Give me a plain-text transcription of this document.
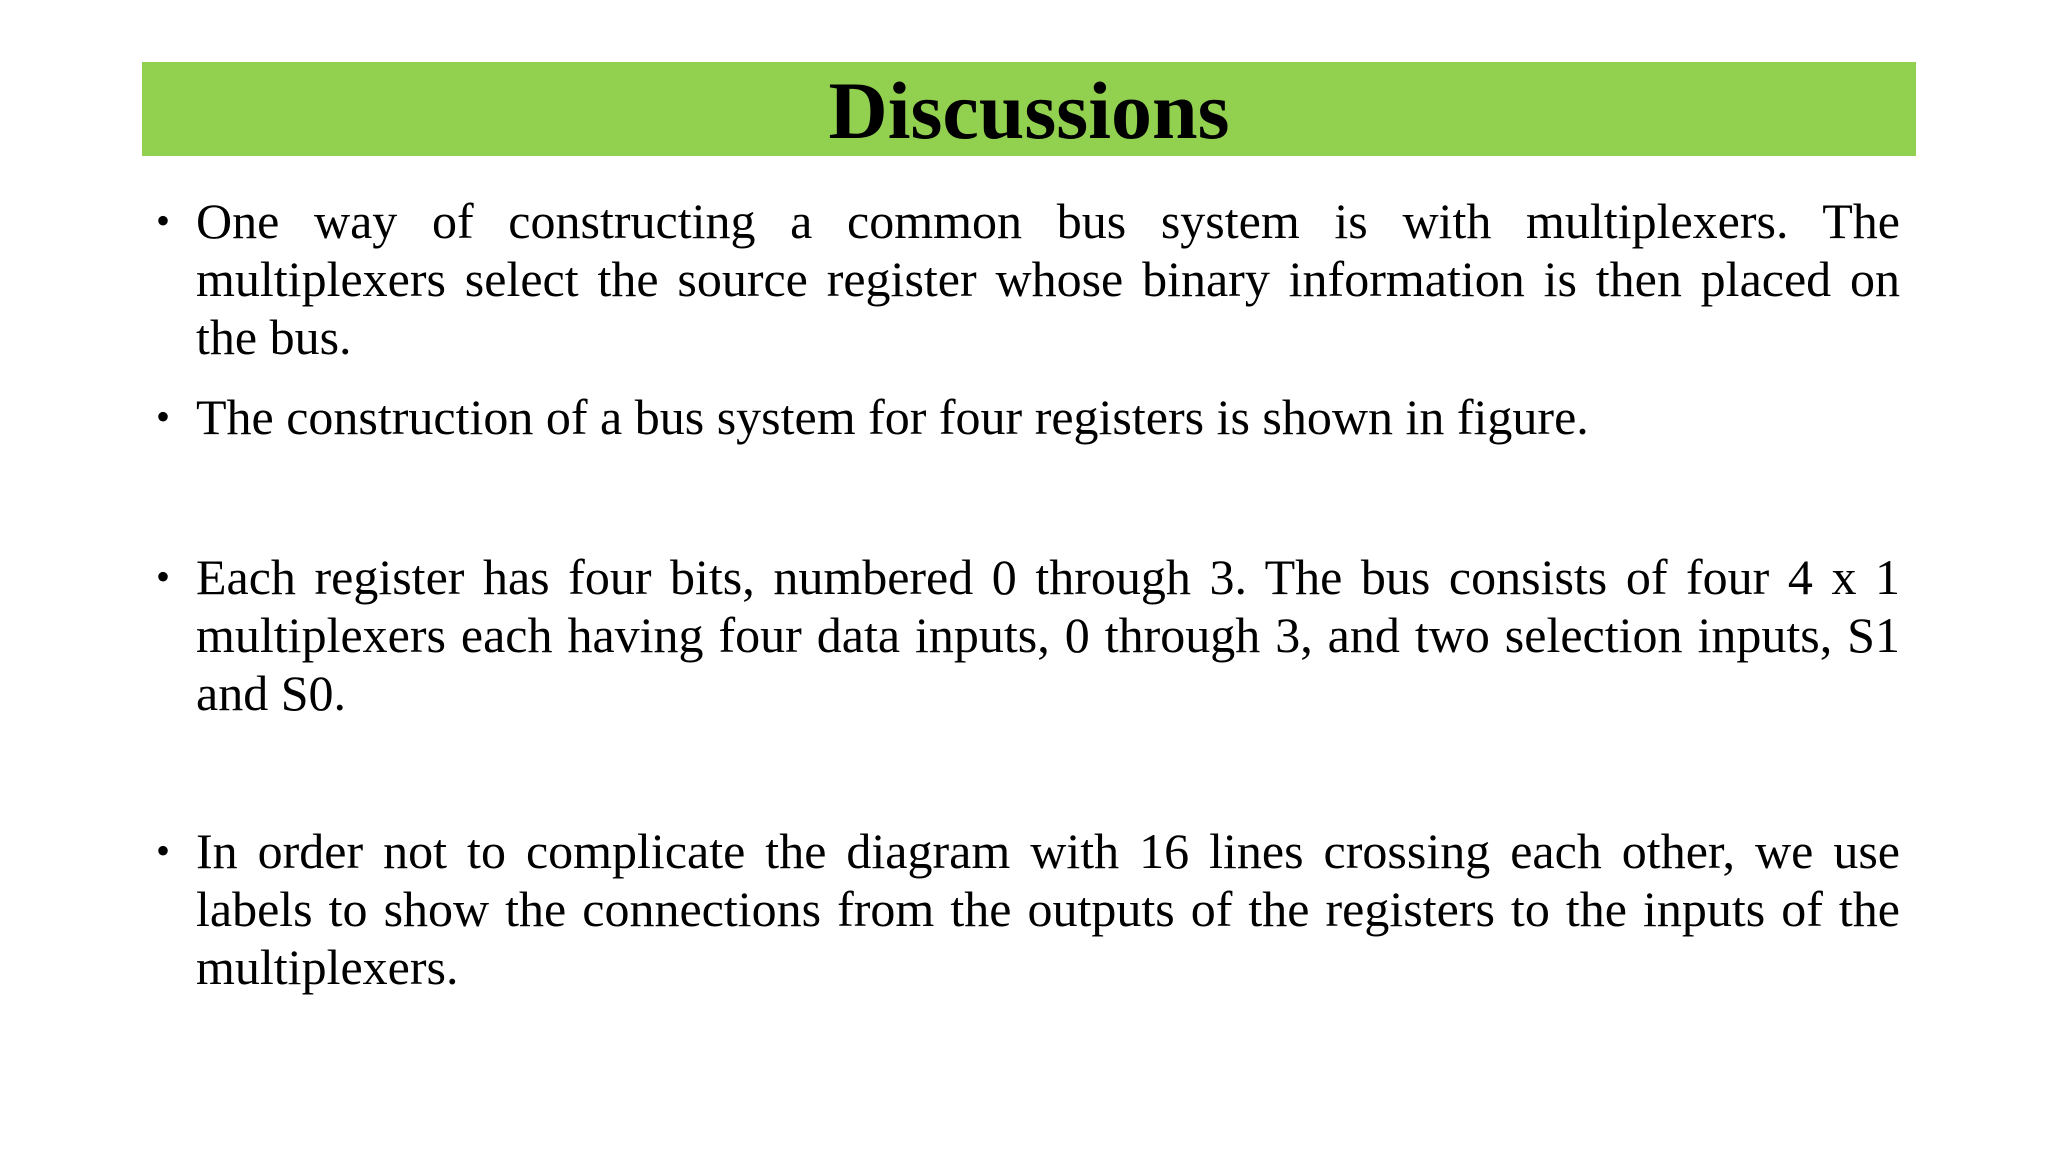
Discussions
• One way of constructing a common bus system is with multiplexers. The multiplexers select the source register whose binary information is then placed on the bus.
• The construction of a bus system for four registers is shown in figure.
• Each register has four bits, numbered 0 through 3. The bus consists of four 4 x 1 multiplexers each having four data inputs, 0 through 3, and two selection inputs, S1 and S0.
• In order not to complicate the diagram with 16 lines crossing each other, we use labels to show the connections from the outputs of the registers to the inputs of the multiplexers.
